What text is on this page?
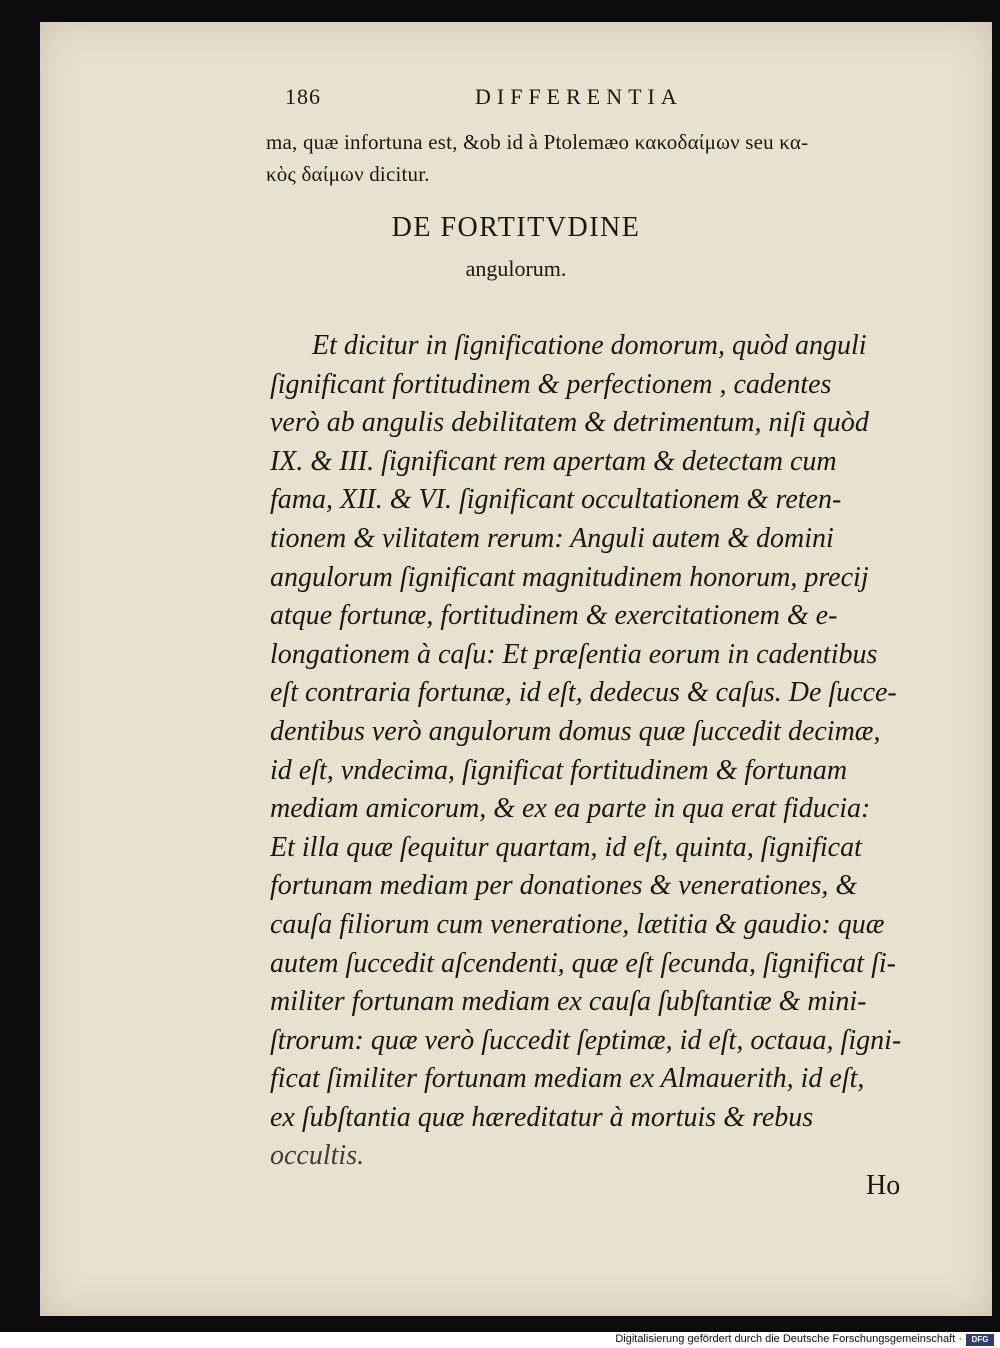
186	DIFFERENTIA
ma, quæ infortuna est, &ob id à Ptolemæo κακοδαίμων seu κα-
κὸς δαίμων dicitur.
DE FORTITVDINE
angulorum.
Et dicitur in ſignificatione domorum, quòd anguli
ſignificant fortitudinem & perfectionem , cadentes
verò ab angulis debilitatem & detrimentum, niſi quòd
IX. & III. ſignificant rem apertam & detectam cum
fama, XII. & VI. ſignificant occultationem & reten-
tionem & vilitatem rerum: Anguli autem & domini
angulorum ſignificant magnitudinem honorum, precij
atque fortunæ, fortitudinem & exercitationem & e-
longationem à caſu: Et præſentia eorum in cadentibus
eſt contraria fortunæ, id eſt, dedecus & caſus. De ſucce-
dentibus verò angulorum domus quæ ſuccedit decimæ,
id eſt, vndecima, ſignificat fortitudinem & fortunam
mediam amicorum, & ex ea parte in qua erat fiducia:
Et illa quæ ſequitur quartam, id eſt, quinta, ſignificat
fortunam mediam per donationes & venerationes, &
cauſa filiorum cum veneratione, lætitia & gaudio: quæ
autem ſuccedit aſcendenti, quæ eſt ſecunda, ſignificat ſi-
militer fortunam mediam ex cauſa ſubſtantiæ & mini-
ſtrorum: quæ verò ſuccedit ſeptimæ, id eſt, octaua, ſigni-
ficat ſimiliter fortunam mediam ex Almauerith, id eſt,
ex ſubſtantia quæ hæreditatur à mortuis & rebus
occultis.
Ho
Digitalisierung gefördert durch die Deutsche Forschungsgemeinschaft ·	DFG
